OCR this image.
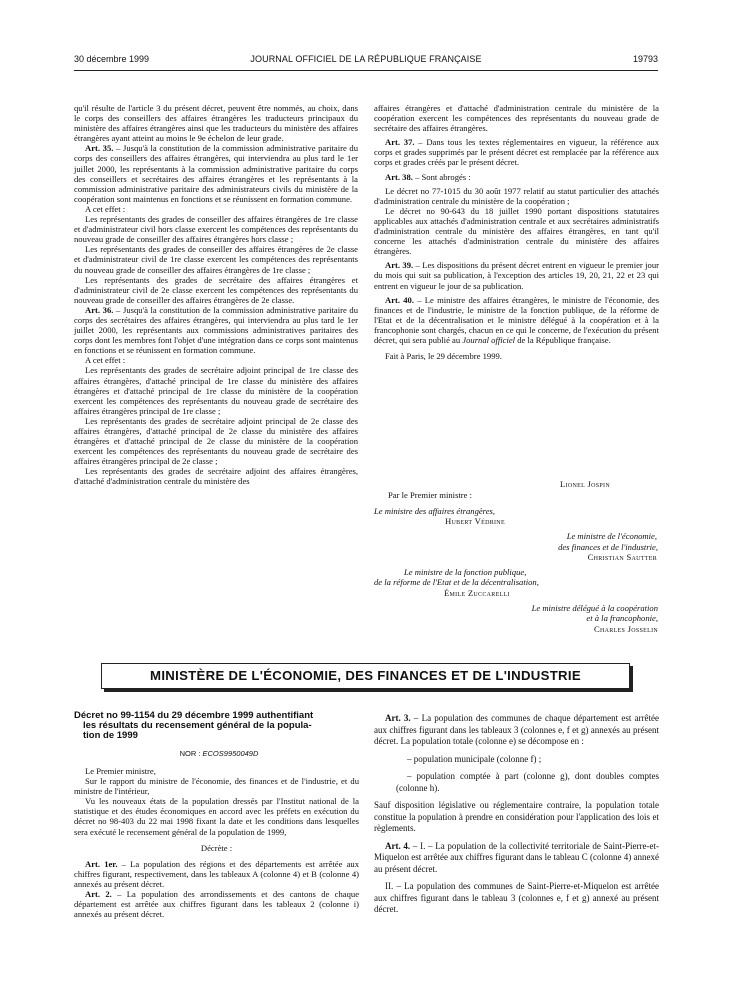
30 décembre 1999	JOURNAL OFFICIEL DE LA RÉPUBLIQUE FRANÇAISE	19793

qu'il résulte de l'article 3 du présent décret, peuvent être nommés, au choix, dans le corps des conseillers des affaires étrangères les traducteurs principaux du ministère des affaires étrangères ainsi que les traducteurs du ministère des affaires étrangères ayant atteint au moins le 9e échelon de leur grade.

Art. 35. – Jusqu'à la constitution de la commission administrative paritaire du corps des conseillers des affaires étrangères, qui interviendra au plus tard le 1er juillet 2000, les représentants à la commission administrative paritaire du corps des conseillers et secrétaires des affaires étrangères et les représentants à la commission administrative paritaire des administrateurs civils du ministère de la coopération sont maintenus en fonctions et se réunissent en formation commune.

A cet effet :

Les représentants des grades de conseiller des affaires étrangères de 1re classe et d'administrateur civil hors classe exercent les compétences des représentants du nouveau grade de conseiller des affaires étrangères hors classe ;

Les représentants des grades de conseiller des affaires étrangères de 2e classe et d'administrateur civil de 1re classe exercent les compétences des représentants du nouveau grade de conseiller des affaires étrangères de 1re classe ;

Les représentants des grades de secrétaire des affaires étrangères et d'administrateur civil de 2e classe exercent les compétences des représentants du nouveau grade de conseiller des affaires étrangères de 2e classe.

Art. 36. – Jusqu'à la constitution de la commission administrative paritaire du corps des secrétaires des affaires étrangères, qui interviendra au plus tard le 1er juillet 2000, les représentants aux commissions administratives paritaires des corps dont les membres font l'objet d'une intégration dans ce corps sont maintenus en fonctions et se réunissent en formation commune.

A cet effet :

Les représentants des grades de secrétaire adjoint principal de 1re classe des affaires étrangères, d'attaché principal de 1re classe du ministère des affaires étrangères et d'attaché principal de 1re classe du ministère de la coopération exercent les compétences des représentants du nouveau grade de secrétaire des affaires étrangères principal de 1re classe ;

Les représentants des grades de secrétaire adjoint principal de 2e classe des affaires étrangères, d'attaché principal de 2e classe du ministère des affaires étrangères et d'attaché principal de 2e classe du ministère de la coopération exercent les compétences des représentants du nouveau grade de secrétaire des affaires étrangères principal de 2e classe ;

Les représentants des grades de secrétaire adjoint des affaires étrangères, d'attaché d'administration centrale du ministère des

affaires étrangères et d'attaché d'administration centrale du ministère de la coopération exercent les compétences des représentants du nouveau grade de secrétaire des affaires étrangères.

Art. 37. – Dans tous les textes réglementaires en vigueur, la référence aux corps et grades supprimés par le présent décret est remplacée par la référence aux corps et grades créés par le présent décret.

Art. 38. – Sont abrogés :

Le décret no 77-1015 du 30 août 1977 relatif au statut particulier des attachés d'administration centrale du ministère de la coopération ;

Le décret no 90-643 du 18 juillet 1990 portant dispositions statutaires applicables aux attachés d'administration centrale et aux secrétaires administratifs d'administration centrale du ministère des affaires étrangères, en tant qu'il concerne les attachés d'administration centrale du ministère des affaires étrangères.

Art. 39. – Les dispositions du présent décret entrent en vigueur le premier jour du mois qui suit sa publication, à l'exception des articles 19, 20, 21, 22 et 23 qui entrent en vigueur le jour de sa publication.

Art. 40. – Le ministre des affaires étrangères, le ministre de l'économie, des finances et de l'industrie, le ministre de la fonction publique, de la réforme de l'Etat et de la décentralisation et le ministre délégué à la coopération et à la francophonie sont chargés, chacun en ce qui le concerne, de l'exécution du présent décret, qui sera publié au Journal officiel de la République française.

Fait à Paris, le 29 décembre 1999.

Lionel Jospin
Par le Premier ministre :
Le ministre des affaires étrangères,
Hubert Védrine
Le ministre de l'économie,
des finances et de l'industrie,
Christian Sautter
Le ministre de la fonction publique,
de la réforme de l'Etat et de la décentralisation,
Émile Zuccarelli
Le ministre délégué à la coopération
et à la francophonie,
Charles Josselin
MINISTÈRE DE L'ÉCONOMIE, DES FINANCES ET DE L'INDUSTRIE
Décret no 99-1154 du 29 décembre 1999 authentifiant
les résultats du recensement général de la popula-
tion de 1999
NOR : ECOS9950049D

Le Premier ministre,

Sur le rapport du ministre de l'économie, des finances et de l'industrie, et du ministre de l'intérieur,

Vu les nouveaux états de la population dressés par l'Institut national de la statistique et des études économiques en accord avec les préfets en exécution du décret no 98-403 du 22 mai 1998 fixant la date et les conditions dans lesquelles sera exécuté le recensement général de la population de 1999,

Décrète :

Art. 1er. – La population des régions et des départements est arrêtée aux chiffres figurant, respectivement, dans les tableaux A (colonne 4) et B (colonne 4) annexés au présent décret.

Art. 2. – La population des arrondissements et des cantons de chaque département est arrêtée aux chiffres figurant dans les tableaux 2 (colonne i) annexés au présent décret.

Art. 3. – La population des communes de chaque département est arrêtée aux chiffres figurant dans les tableaux 3 (colonnes e, f et g) annexés au présent décret. La population totale (colonne e) se décompose en :

– population municipale (colonne f) ;

– population comptée à part (colonne g), dont doubles comptes (colonne h).

Sauf disposition législative ou réglementaire contraire, la population totale constitue la population à prendre en considération pour l'application des lois et règlements.

Art. 4. – I. – La population de la collectivité territoriale de Saint-Pierre-et-Miquelon est arrêtée aux chiffres figurant dans le tableau C (colonne 4) annexé au présent décret.

II. – La population des communes de Saint-Pierre-et-Miquelon est arrêtée aux chiffres figurant dans le tableau 3 (colonnes e, f et g) annexé au présent décret.
